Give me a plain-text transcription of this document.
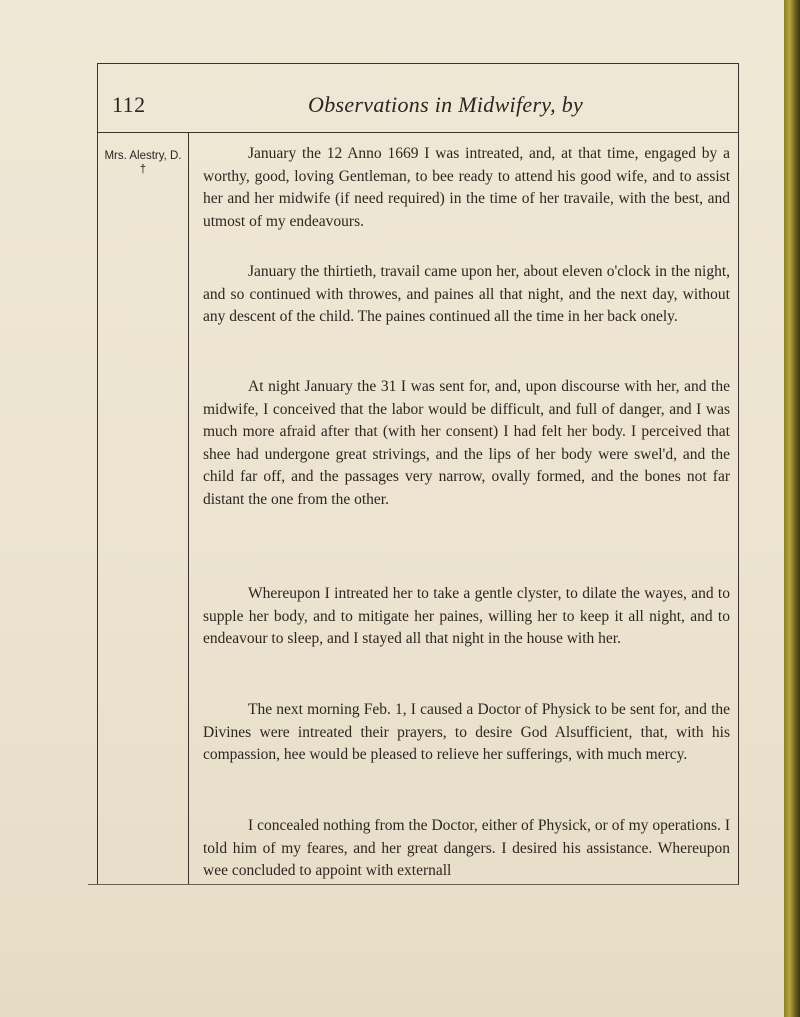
112	Observations in Midwifery, by
Mrs. Alestry, D. †

January the 12 Anno 1669 I was intreated, and, at that time, engaged by a worthy, good, loving Gentleman, to bee ready to attend his good wife, and to assist her and her midwife (if need required) in the time of her travaile, with the best, and utmost of my endeavours.

January the thirtieth, travail came upon her, about eleven o'clock in the night, and so continued with throwes, and paines all that night, and the next day, without any descent of the child. The paines continued all the time in her back onely.

At night January the 31 I was sent for, and, upon discourse with her, and the midwife, I conceived that the labor would be difficult, and full of danger, and I was much more afraid after that (with her consent) I had felt her body. I perceived that shee had undergone great strivings, and the lips of her body were swel'd, and the child far off, and the passages very narrow, ovally formed, and the bones not far distant the one from the other.

Whereupon I intreated her to take a gentle clyster, to dilate the wayes, and to supple her body, and to mitigate her paines, willing her to keep it all night, and to endeavour to sleep, and I stayed all that night in the house with her.

The next morning Feb. 1, I caused a Doctor of Physick to be sent for, and the Divines were intreated their prayers, to desire God Alsufficient, that, with his compassion, hee would be pleased to relieve her sufferings, with much mercy.

I concealed nothing from the Doctor, either of Physick, or of my operations. I told him of my feares, and her great dangers. I desired his assistance. Whereupon wee concluded to appoint with externall
